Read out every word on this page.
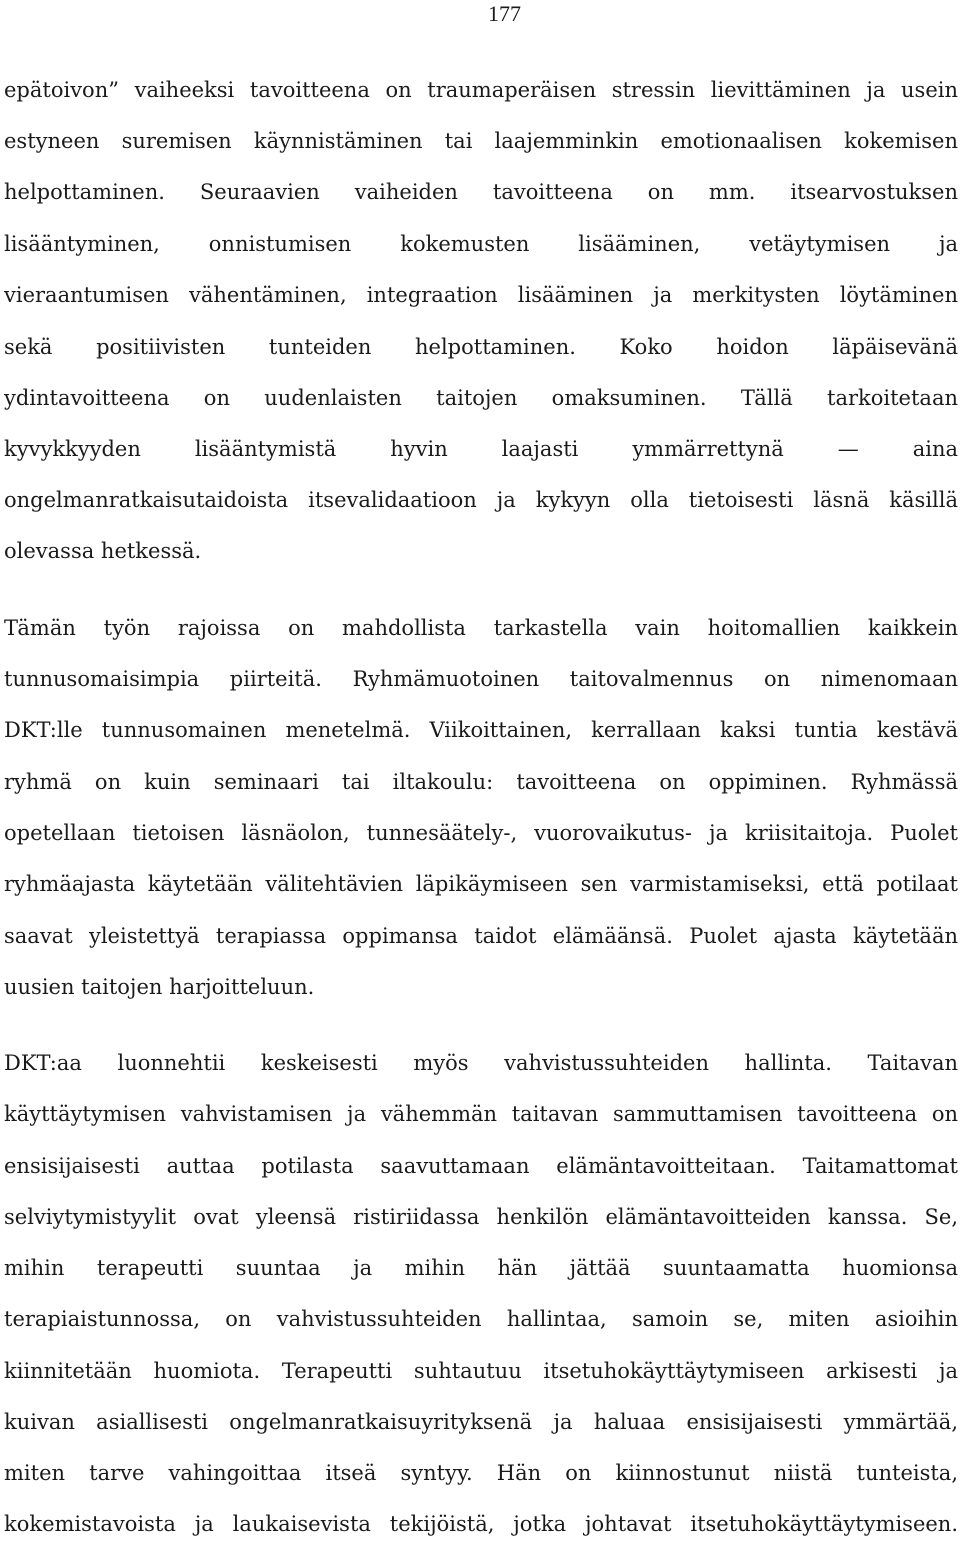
177
epätoivon” vaiheeksi tavoitteena on traumaperäisen stressin lievittäminen ja usein
estyneen suremisen käynnistäminen tai laajemminkin emotionaalisen kokemisen
helpottaminen. Seuraavien vaiheiden tavoitteena on mm. itsearvostuksen
lisääntyminen, onnistumisen kokemusten lisääminen, vetäytymisen ja
vieraantumisen vähentäminen, integraation lisääminen ja merkitysten löytäminen
sekä positiivisten tunteiden helpottaminen. Koko hoidon läpäisevänä
ydintavoitteena on uudenlaisten taitojen omaksuminen. Tällä tarkoitetaan
kyvykkyyden lisääntymistä hyvin laajasti ymmärrettynä — aina
ongelmanratkaisutaidoista itsevalidaatioon ja kykyyn olla tietoisesti läsnä käsillä
olevassa hetkessä.
Tämän työn rajoissa on mahdollista tarkastella vain hoitomallien kaikkein
tunnusomaisimpia piirteitä. Ryhmämuotoinen taitovalmennus on nimenomaan
DKT:lle tunnusomainen menetelmä. Viikoittainen, kerrallaan kaksi tuntia kestävä
ryhmä on kuin seminaari tai iltakoulu: tavoitteena on oppiminen. Ryhmässä
opetellaan tietoisen läsnäolon, tunnesäätely-, vuorovaikutus- ja kriisitaitoja. Puolet
ryhmäajasta käytetään välitehtävien läpikäymiseen sen varmistamiseksi, että potilaat
saavat yleistettyä terapiassa oppimansa taidot elämäänsä. Puolet ajasta käytetään
uusien taitojen harjoitteluun.
DKT:aa luonnehtii keskeisesti myös vahvistussuhteiden hallinta. Taitavan
käyttäytymisen vahvistamisen ja vähemmän taitavan sammuttamisen tavoitteena on
ensisijaisesti auttaa potilasta saavuttamaan elämäntavoitteitaan. Taitamattomat
selviytymistyylit ovat yleensä ristiriidassa henkilön elämäntavoitteiden kanssa. Se,
mihin terapeutti suuntaa ja mihin hän jättää suuntaamatta huomionsa
terapiaistunnossa, on vahvistussuhteiden hallintaa, samoin se, miten asioihin
kiinnitetään huomiota. Terapeutti suhtautuu itsetuhokäyttäytymiseen arkisesti ja
kuivan asiallisesti ongelmanratkaisuyrityksenä ja haluaa ensisijaisesti ymmärtää,
miten tarve vahingoittaa itseä syntyy. Hän on kiinnostunut niistä tunteista,
kokemistavoista ja laukaisevista tekijöistä, jotka johtavat itsetuhokäyttäytymiseen.
